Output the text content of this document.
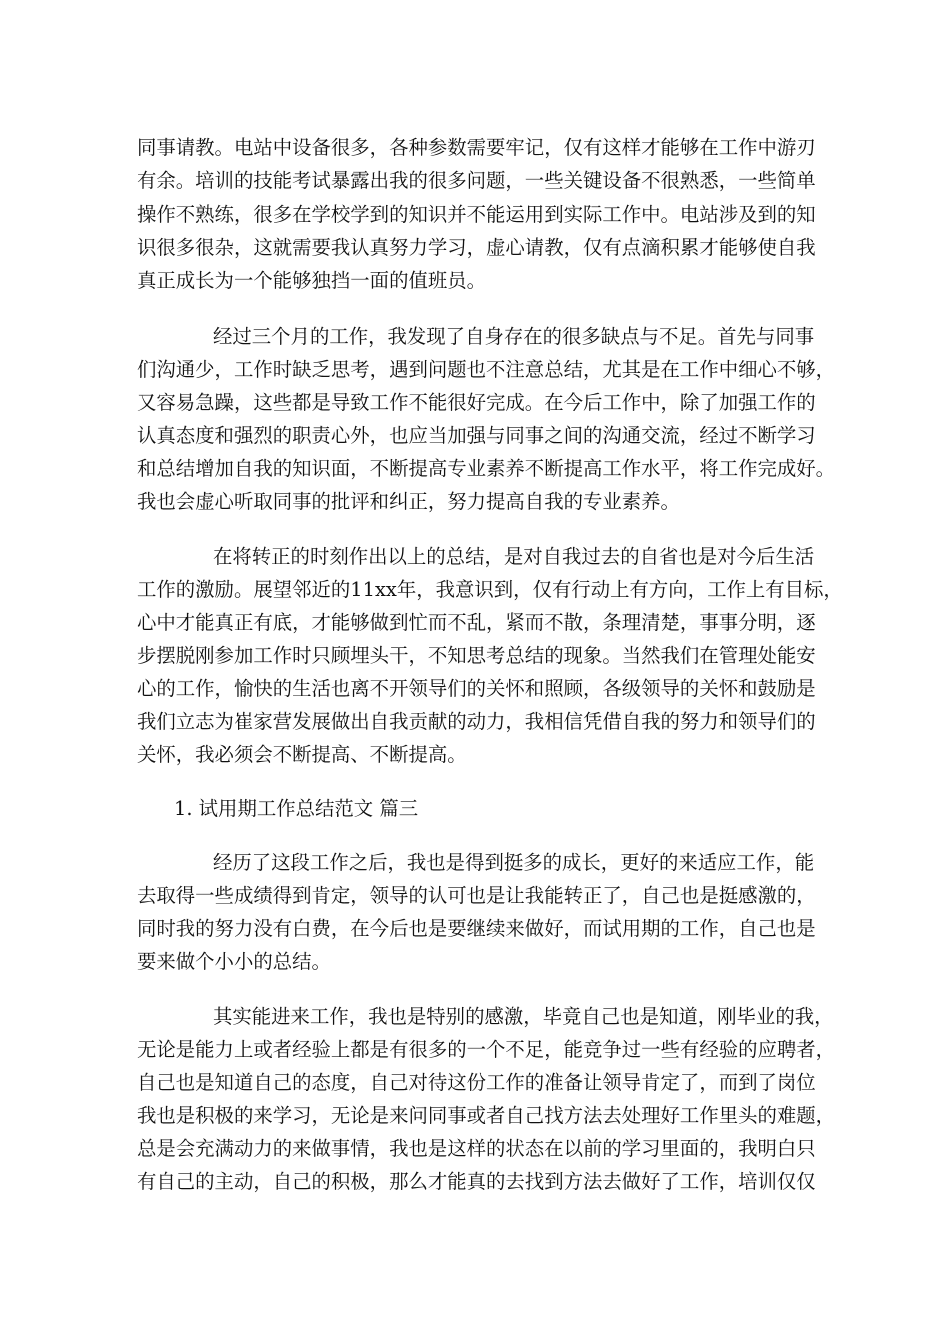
同事请教。电站中设备很多，各种参数需要牢记，仅有这样才能够在工作中游刃

有余。培训的技能考试暴露出我的很多问题，一些关键设备不很熟悉，一些简单

操作不熟练，很多在学校学到的知识并不能运用到实际工作中。电站涉及到的知

识很多很杂，这就需要我认真努力学习，虚心请教，仅有点滴积累才能够使自我

真正成长为一个能够独挡一面的值班员。

经过三个月的工作，我发现了自身存在的很多缺点与不足。首先与同事

们沟通少，工作时缺乏思考，遇到问题也不注意总结，尤其是在工作中细心不够，

又容易急躁，这些都是导致工作不能很好完成。在今后工作中，除了加强工作的

认真态度和强烈的职责心外，也应当加强与同事之间的沟通交流，经过不断学习

和总结增加自我的知识面，不断提高专业素养不断提高工作水平，将工作完成好。

我也会虚心听取同事的批评和纠正，努力提高自我的专业素养。

在将转正的时刻作出以上的总结，是对自我过去的自省也是对今后生活

工作的激励。展望邻近的11xx年，我意识到，仅有行动上有方向，工作上有目标，

心中才能真正有底，才能够做到忙而不乱，紧而不散，条理清楚，事事分明，逐

步摆脱刚参加工作时只顾埋头干，不知思考总结的现象。当然我们在管理处能安

心的工作，愉快的生活也离不开领导们的关怀和照顾，各级领导的关怀和鼓励是

我们立志为崔家营发展做出自我贡献的动力，我相信凭借自我的努力和领导们的

关怀，我必须会不断提高、不断提高。

1. 试用期工作总结范文 篇三

经历了这段工作之后，我也是得到挺多的成长，更好的来适应工作，能

去取得一些成绩得到肯定，领导的认可也是让我能转正了，自己也是挺感激的，

同时我的努力没有白费，在今后也是要继续来做好，而试用期的工作，自己也是

要来做个小小的总结。

其实能进来工作，我也是特别的感激，毕竟自己也是知道，刚毕业的我，

无论是能力上或者经验上都是有很多的一个不足，能竞争过一些有经验的应聘者，

自己也是知道自己的态度，自己对待这份工作的准备让领导肯定了，而到了岗位

我也是积极的来学习，无论是来问同事或者自己找方法去处理好工作里头的难题，

总是会充满动力的来做事情，我也是这样的状态在以前的学习里面的，我明白只

有自己的主动，自己的积极，那么才能真的去找到方法去做好了工作，培训仅仅
